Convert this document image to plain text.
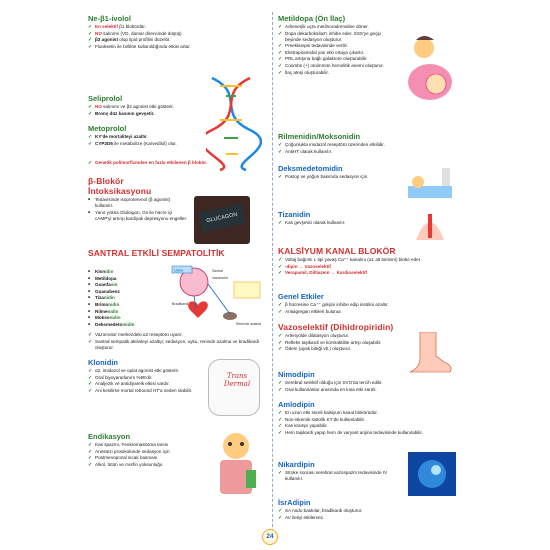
Ne-β1-ivolol
✓ En selektif β1 blokördür.
✓ NO salınımı (VD, damar direncinde düşüş)
✓ β3 agonist olup lipid profilini düzeltir.
✓ Fluoksetin ile birlikte kullanıldığında etkisi artar.
Seliprolol
✓ NO salınımı ve β2 agonist etki gösterir.
✓ Bronş düz kasının gevşetir.
Metoprolol
✓ KY'de mortaliteyi azaltır
✓ CYP2D6 ile metabolize (Karvedilol) olur.
✓ Genetik polimorfizmden en fazla etkilenen β blokör.
β-Blokör İntoksikasyonu
• Tedavisinde isoproterenol (β agonist) kullanılır.
• Yanıt yoksa Glukagon, Gs ile hücre içi cAMP'yi artırıp kardiyak depresyonu engeller.	GLUCAGON
SANTRAL ETKİLİ SEMPATOLİTİK
• Klonidin
• Metildopa
• Guanfasin
• Guanabenz
• Tizanidin
• Brimonidin
• Rilmenidin
• Moksonidin
• Deksmedetomidin
Uyku	Santral
Vazomotor
Bradikardi
Renin'de azalma
✓ Vazomotor merkezdeki α2 reseptörü uyarır.
✓ Santral sempatik aktiviteyi azaltıp; sedasyon, uyku, reninde azalma ve bradikardi oluşturur.
Klonidin
✓ α2, imidazol ve opiat agonist etki gösterir.
✓ Oral biyoyararlanım %95'dir.
✓ Analjezik ve antidiyareik etkisi vardır.
✓ Ani kesilirse mortal rebound HT'a neden olabilir.
Trans Dermal
Endikasyon
✓ Kas spazmı, Feokromasitoma tanısı
✓ Anestezi protokolünde sedasyon için
✓ Postmenopozal sıcak basması
✓ Alkol, tütün ve morfin yoksunluğu
Metildopa (Ön İlaç)
✓ Adrenerjik uçta metilnoradrenaline döner.
✓ Dopa dekarboksilaz'ı inhibe eder. SSS'ye geçip beyinde sedasyon oluşturur.
✓ Preeklampsi tedavisinde verilir.
✓ Ekstrapiramidal yan etki ortaya çıkartır.
✓ PRL artışına bağlı galaktore oluşturabilir.
✓ Coombs (+) otoimmün hemolitik anemi oluşturur.
✓ İlaç ateşi oluşturabilir.
Rilmenidin/Moksonidin
✓ Çoğunlukla imidazol reseptörü üzerinden etkilidir.
✓ AntiHT olarak kullanılır.
Deksmedetomidin
✓ Postop ve yoğun bakımda sedasyon için.
Tizanidin
✓ Kas gevşetici olarak kullanılır.
KALSİYUM KANAL BLOKÖR
✓ Voltaj bağımlı L tipi yavaş Ca⁺⁺ kanalını (α1 alt birimini) bloke eder.
✓ -dipin → Vazoselektif
✓ Verapamil, Diltiazem → Kardioselektif
Genel Etkiler
✓ β hücresine Ca⁺⁺ girişini inhibe edip insülini azaltır.
✓ Antiagregan etkileri bulunur.
Vazoselektif (Dihidropiridin)
✓ Arteriyolde dilatasyon oluşturur.
✓ Refleks taşikardi ve kontraktilite artışı oluşabilir.
✓ Ödem (ayak bileği vb.) oluşturur.
Nimodipin
✓ Serebral selektif olduğu için SVO'da tercih edilir.
✓ Oral kullanılanlar arasında en kısa etki süreli.
Amlodipin
✓ En uzun etki süreli kalsiyum kanal blokörüdür.
✓ Non-iskemik sistolik KY'de kullanılabilir.
✓ Kas krampı yapabilir.
✓ Hem taşikardi yapıp hem de varyant anjina tedavisinde kullanılabilir.
Nikardipin
✓ Stroke sonrası serebral vazospazm tedavisinde IV kullanılır.
İsrAdipin
✓ SA nodu baskılar, bradikardi oluşturur.
✓ AV iletiyi etkilemez.
24
